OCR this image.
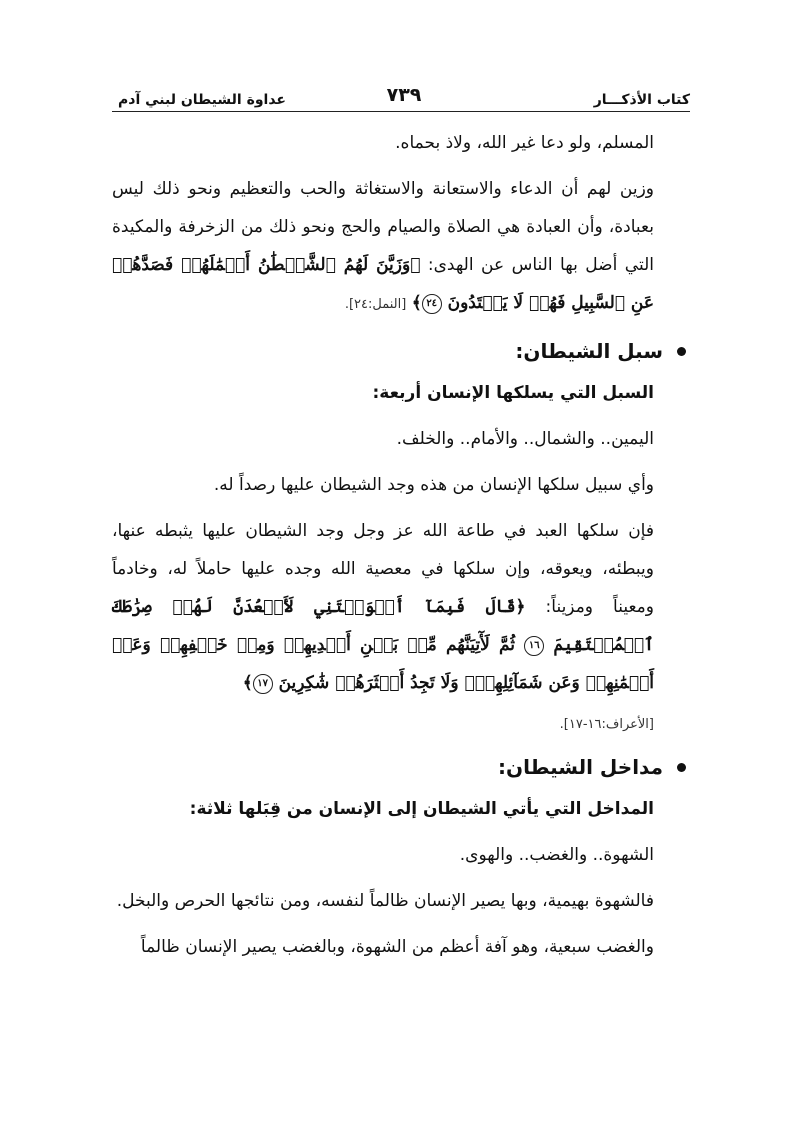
كتاب الأذكـــار
٧٣٩
عداوة الشيطان لبني آدم

المسلم، ولو دعا غير الله، ولاذ بحماه.

وزين لهم أن الدعاء والاستعانة والاستغاثة والحب والتعظيم ونحو ذلك ليس بعبادة، وأن العبادة هي الصلاة والصيام والحج ونحو ذلك من الزخرفة والمكيدة التي أضل بها الناس عن الهدى: ﴿وَزَيَّنَ لَهُمُ ٱلشَّيۡطَٰنُ أَعۡمَٰلَهُمۡ فَصَدَّهُمۡ عَنِ ٱلسَّبِيلِ فَهُمۡ لَا يَهۡتَدُونَ ٢٤﴾ [النمل:٢٤].

سبل الشيطان:

السبل التي يسلكها الإنسان أربعة:

اليمين.. والشمال.. والأمام.. والخلف.

وأي سبيل سلكها الإنسان من هذه وجد الشيطان عليها رصداً له.

فإن سلكها العبد في طاعة الله عز وجل وجد الشيطان عليها يثبطه عنها، ويبطئه، ويعوقه، وإن سلكها في معصية الله وجده عليها حاملاً له، وخادماً ومعيناً ومزيناً: ﴿قَالَ فَبِمَآ أَغۡوَيۡتَنِي لَأَقۡعُدَنَّ لَهُمۡ صِرَٰطَكَ ٱلۡمُسۡتَقِيمَ ١٦ ثُمَّ لَأٓتِيَنَّهُم مِّنۢ بَيۡنِ أَيۡدِيهِمۡ وَمِنۡ خَلۡفِهِمۡ وَعَنۡ أَيۡمَٰنِهِمۡ وَعَن شَمَآئِلِهِمۡۖ وَلَا تَجِدُ أَكۡثَرَهُمۡ شَٰكِرِينَ ١٧﴾

[الأعراف:١٦-١٧].

مداخل الشيطان:

المداخل التي يأتي الشيطان إلى الإنسان من قِبَلها ثلاثة:

الشهوة.. والغضب.. والهوى.

فالشهوة بهيمية، وبها يصير الإنسان ظالماً لنفسه، ومن نتائجها الحرص والبخل.

والغضب سبعية، وهو آفة أعظم من الشهوة، وبالغضب يصير الإنسان ظالماً
